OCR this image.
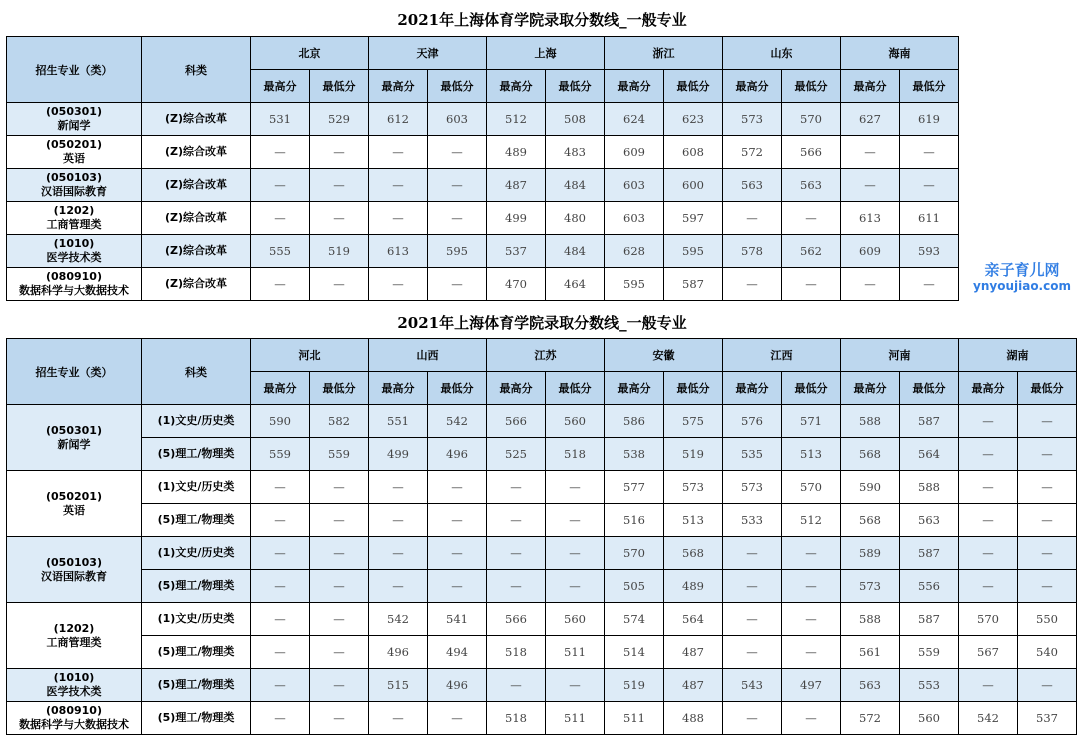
2021年上海体育学院录取分数线_一般专业
招生专业（类）	科类	北京		天津		上海		浙江		山东		海南	
		最高分	最低分	最高分	最低分	最高分	最低分	最高分	最低分	最高分	最低分	最高分	最低分

(050301)
新闻学	(Z)综合改革	531	529	612	603	512	508	624	623	573	570	627	619

(050201)
英语	(Z)综合改革	—	—	—	—	489	483	609	608	572	566	—	—

(050103)
汉语国际教育	(Z)综合改革	—	—	—	—	487	484	603	600	563	563	—	—

(1202)
工商管理类	(Z)综合改革	—	—	—	—	499	480	603	597	—	—	613	611

(1010)
医学技术类	(Z)综合改革	555	519	613	595	537	484	628	595	578	562	609	593

(080910)
数据科学与大数据技术	(Z)综合改革	—	—	—	—	470	464	595	587	—	—	—	—
2021年上海体育学院录取分数线_一般专业
招生专业（类）	科类	河北		山西		江苏		安徽		江西		河南		湖南	
		最高分	最低分	最高分	最低分	最高分	最低分	最高分	最低分	最高分	最低分	最高分	最低分	最高分	最低分

(050301)
新闻学	(1)文史/历史类	590	582	551	542	566	560	586	575	576	571	588	587	—	—
	(5)理工/物理类	559	559	499	496	525	518	538	519	535	513	568	564	—	—

(050201)
英语	(1)文史/历史类	—	—	—	—	—	—	577	573	573	570	590	588	—	—
	(5)理工/物理类	—	—	—	—	—	—	516	513	533	512	568	563	—	—

(050103)
汉语国际教育	(1)文史/历史类	—	—	—	—	—	—	570	568	—	—	589	587	—	—
	(5)理工/物理类	—	—	—	—	—	—	505	489	—	—	573	556	—	—

(1202)
工商管理类	(1)文史/历史类	—	—	542	541	566	560	574	564	—	—	588	587	570	550
	(5)理工/物理类	—	—	496	494	518	511	514	487	—	—	561	559	567	540

(1010)
医学技术类	(5)理工/物理类	—	—	515	496	—	—	519	487	543	497	563	553	—	—

(080910)
数据科学与大数据技术	(5)理工/物理类	—	—	—	—	518	511	511	488	—	—	572	560	542	537
亲子育儿网
ynyoujiao.com
